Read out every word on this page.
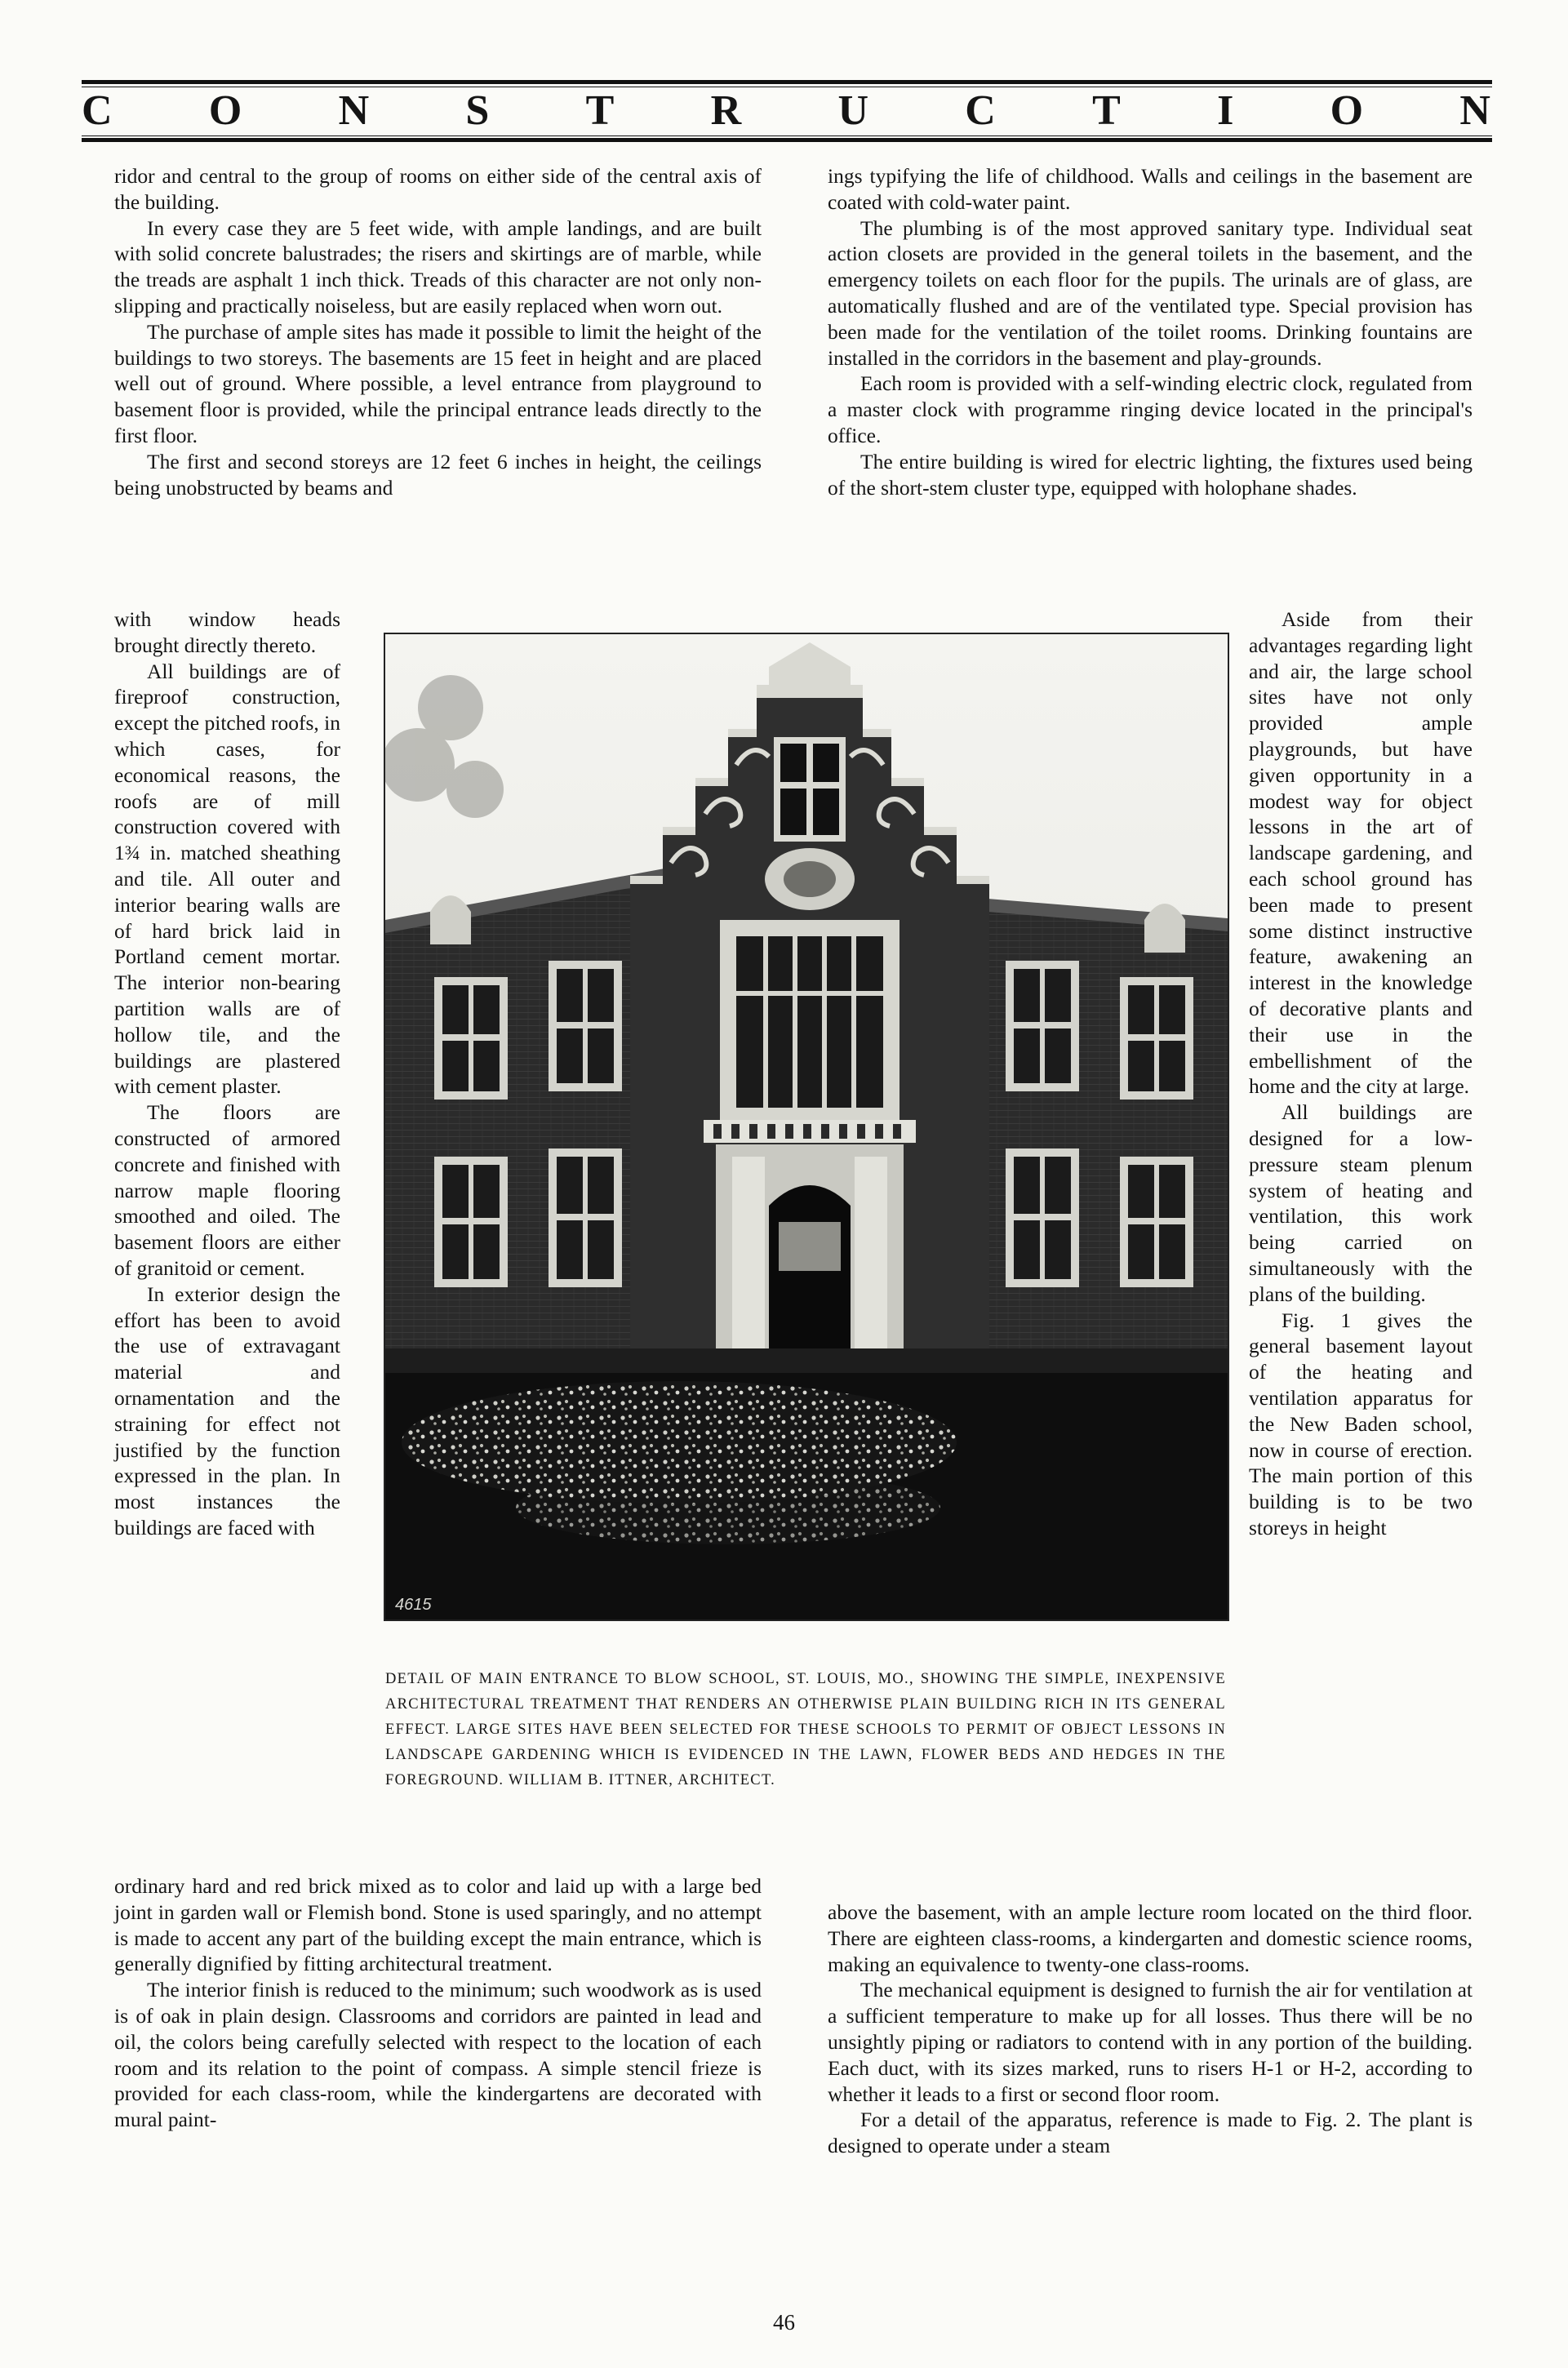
C O N S T R U C T I O N

ridor and central to the group of rooms on either side of the central axis of the building.

In every case they are 5 feet wide, with ample landings, and are built with solid concrete balustrades; the risers and skirtings are of marble, while the treads are asphalt 1 inch thick. Treads of this character are not only non-slipping and practically noiseless, but are easily replaced when worn out.

The purchase of ample sites has made it possible to limit the height of the buildings to two storeys. The basements are 15 feet in height and are placed well out of ground. Where possible, a level entrance from playground to basement floor is provided, while the principal entrance leads directly to the first floor.

The first and second storeys are 12 feet 6 inches in height, the ceilings being unobstructed by beams and

with window heads brought directly thereto.

All buildings are of fireproof construction, except the pitched roofs, in which cases, for economical reasons, the roofs are of mill construction covered with 1¾ in. matched sheathing and tile. All outer and interior bearing walls are of hard brick laid in Portland cement mortar. The interior non-bearing partition walls are of hollow tile, and the buildings are plastered with cement plaster.

The floors are constructed of armored concrete and finished with narrow maple flooring smoothed and oiled. The basement floors are either of granitoid or cement.

In exterior design the effort has been to avoid the use of extravagant material and ornamentation and the straining for effect not justified by the function expressed in the plan. In most instances the buildings are faced with

ordinary hard and red brick mixed as to color and laid up with a large bed joint in garden wall or Flemish bond. Stone is used sparingly, and no attempt is made to accent any part of the building except the main entrance, which is generally dignified by fitting architectural treatment.

The interior finish is reduced to the minimum; such woodwork as is used is of oak in plain design. Classrooms and corridors are painted in lead and oil, the colors being carefully selected with respect to the location of each room and its relation to the point of compass. A simple stencil frieze is provided for each class-room, while the kindergartens are decorated with mural paint-

ings typifying the life of childhood. Walls and ceilings in the basement are coated with cold-water paint.

The plumbing is of the most approved sanitary type. Individual seat action closets are provided in the general toilets in the basement, and the emergency toilets on each floor for the pupils. The urinals are of glass, are automatically flushed and are of the ventilated type. Special provision has been made for the ventilation of the toilet rooms. Drinking fountains are installed in the corridors in the basement and play-grounds.

Each room is provided with a self-winding electric clock, regulated from a master clock with programme ringing device located in the principal's office.

The entire building is wired for electric lighting, the fixtures used being of the short-stem cluster type, equipped with holophane shades.

Aside from their advantages regarding light and air, the large school sites have not only provided ample playgrounds, but have given opportunity in a modest way for object lessons in the art of landscape gardening, and each school ground has been made to present some distinct instructive feature, awakening an interest in the knowledge of decorative plants and their use in the embellishment of the home and the city at large.

All buildings are designed for a low-pressure steam plenum system of heating and ventilation, this work being carried on simultaneously with the plans of the building.

Fig. 1 gives the general basement layout of the heating and ventilation apparatus for the New Baden school, now in course of erection. The main portion of this building is to be two storeys in height

above the basement, with an ample lecture room located on the third floor. There are eighteen class-rooms, a kindergarten and domestic science rooms, making an equivalence to twenty-one class-rooms.

The mechanical equipment is designed to furnish the air for ventilation at a sufficient temperature to make up for all losses. Thus there will be no unsightly piping or radiators to contend with in any portion of the building. Each duct, with its sizes marked, runs to risers H-1 or H-2, according to whether it leads to a first or second floor room.

For a detail of the apparatus, reference is made to Fig. 2. The plant is designed to operate under a steam

4615
DETAIL OF MAIN ENTRANCE TO BLOW SCHOOL, ST. LOUIS, MO., SHOWING THE SIMPLE, INEXPENSIVE ARCHITECTURAL TREATMENT THAT RENDERS AN OTHERWISE PLAIN BUILDING RICH IN ITS GENERAL EFFECT. LARGE SITES HAVE BEEN SELECTED FOR THESE SCHOOLS TO PERMIT OF OBJECT LESSONS IN LANDSCAPE GARDENING WHICH IS EVIDENCED IN THE LAWN, FLOWER BEDS AND HEDGES IN THE FOREGROUND. WILLIAM B. ITTNER, ARCHITECT.
46
